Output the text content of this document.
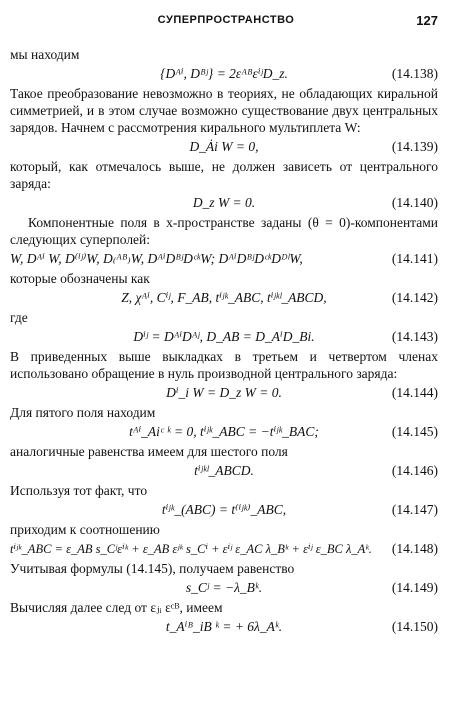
СУПЕРПРОСТРАНСТВО	127

мы находим

{Dᴬⁱ, Dᴮʲ} = 2εᴬᴮεⁱʲD_z.	(14.138)

Такое преобразование невозможно в теориях, не обладающих киральной симметрией, и в этом случае возможно существование двух центральных зарядов. Начнем с рассмотрения кирального мультиплета W:

D_Ȧi W = 0,	(14.139)

который, как отмечалось выше, не должен зависеть от центрального заряда:

D_z W = 0.	(14.140)

Компонентные поля в x-пространстве заданы (θ = 0)-компонентами следующих суперполей:

W, Dᴬⁱ W, D⁽ⁱʲ⁾W, D₍ᴬᴮ₎W, DᴬⁱDᴮʲDᶜᵏW; DᴬⁱDᴮʲDᶜᵏDᴰˡW,	(14.141)

которые обозначены как

Z, χᴬⁱ, Cⁱʲ, F_AB, tⁱʲᵏ_ABC, tⁱʲᵏˡ_ABCD,	(14.142)

где

Dⁱʲ = DᴬⁱDᴬʲ, D_AB = D_AⁱD_Bi.	(14.143)

В приведенных выше выкладках в третьем и четвертом членах использовано обращение в нуль производной центрального заряда:

Dⁱ_i W = D_z W = 0.	(14.144)

Для пятого поля находим

tᴬⁱ_Aiᶜ ᵏ = 0, tⁱʲᵏ_ABC = −tⁱʲᵏ_BAC;	(14.145)

аналогичные равенства имеем для шестого поля

tⁱʲᵏˡ_ABCD.	(14.146)

Используя тот факт, что

tⁱʲᵏ_(ABC) = t⁽ⁱʲᵏ⁾_ABC,	(14.147)

приходим к соотношению

tⁱʲᵏ_ABC = ε_AB s_Cʲεⁱᵏ + ε_AB εʲᵏ s_Cⁱ + εⁱʲ ε_AC λ_Bᵏ + εⁱʲ ε_BC λ_Aᵏ.	(14.148)

Учитывая формулы (14.145), получаем равенство

s_Cʲ = −λ_Bᵏ.	(14.149)

Вычисляя далее след от εⱼᵢ εᶜᴮ, имеем

t_Aⁱᴮ_iB ᵏ = + 6λ_Aᵏ.	(14.150)
